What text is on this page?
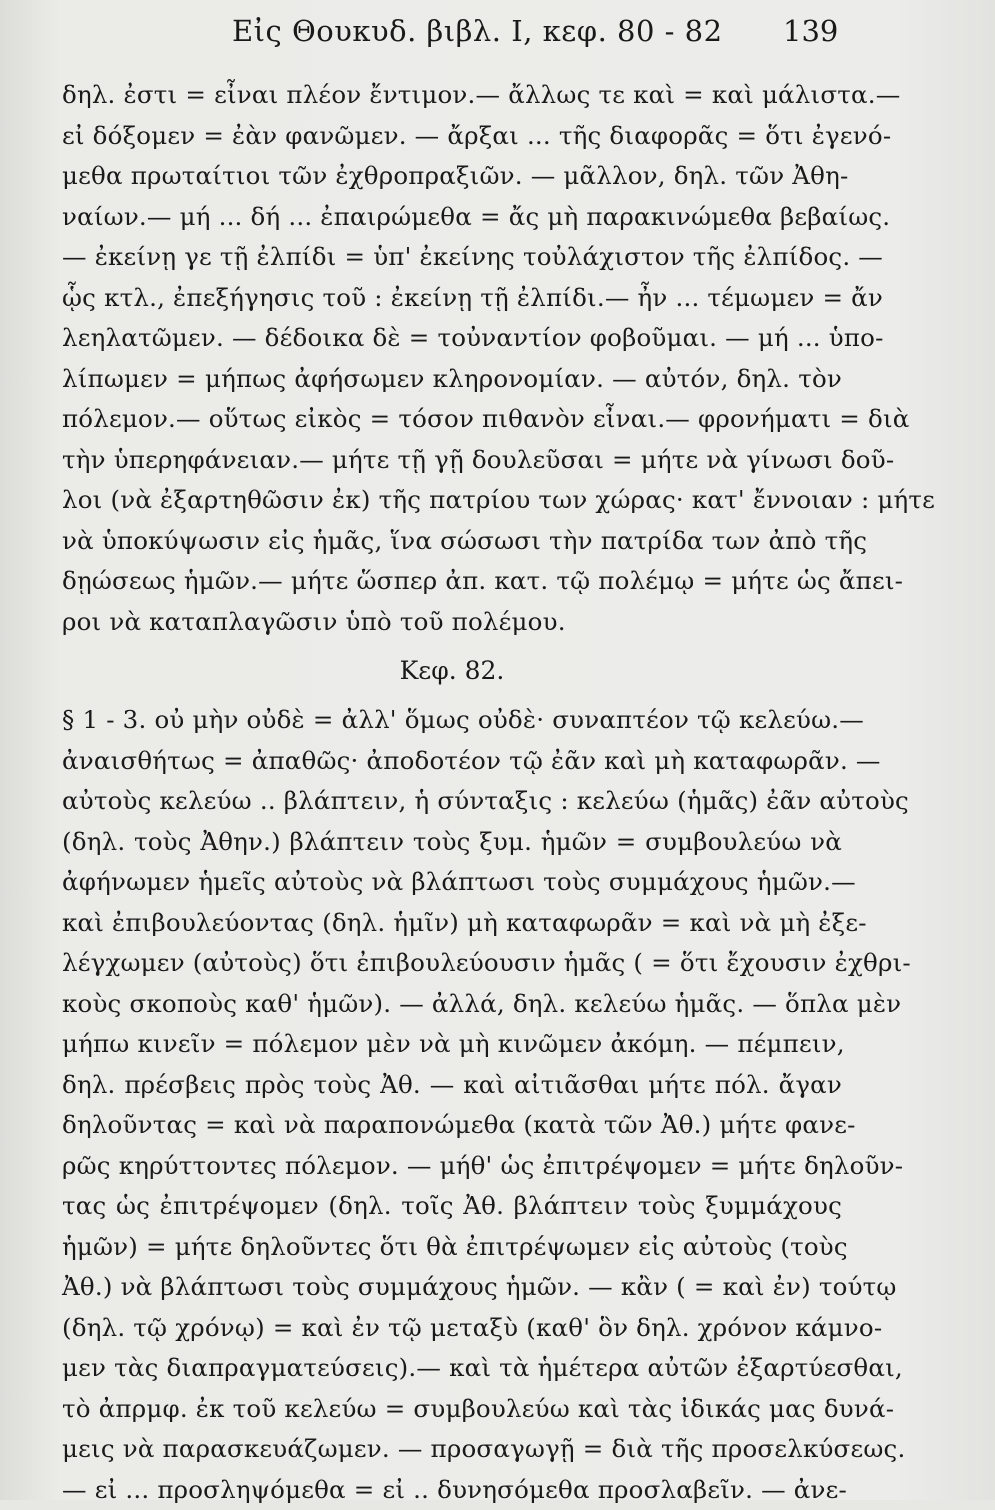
Εἰς Θουκυδ. βιβλ. Ι, κεφ. 80 - 82 139
δηλ. ἐστι = εἶναι πλέον ἔντιμον.— ἄλλως τε καὶ = καὶ μάλιστα.—
εἰ δόξομεν = ἐὰν φανῶμεν. — ἄρξαι ... τῆς διαφορᾶς = ὅτι ἐγενό-
μεθα πρωταίτιοι τῶν ἐχθροπραξιῶν. — μᾶλλον, δηλ. τῶν Ἀθη-
ναίων.— μή ... δή ... ἐπαιρώμεθα = ἄς μὴ παρακινώμεθα βεβαίως.
— ἐκείνῃ γε τῇ ἐλπίδι = ὑπ' ἐκείνης τοὐλάχιστον τῆς ἐλπίδος. —
ᾧς κτλ., ἐπεξήγησις τοῦ : ἐκείνῃ τῇ ἐλπίδι.— ἦν ... τέμωμεν = ἄν
λεηλατῶμεν. — δέδοικα δὲ = τοὐναντίον φοβοῦμαι. — μή ... ὑπο-
λίπωμεν = μήπως ἀφήσωμεν κληρονομίαν. — αὐτόν, δηλ. τὸν
πόλεμον.— οὕτως εἰκὸς = τόσον πιθανὸν εἶναι.— φρονήματι = διὰ
τὴν ὑπερηφάνειαν.— μήτε τῇ γῇ δουλεῦσαι = μήτε νὰ γίνωσι δοῦ-
λοι (νὰ ἐξαρτηθῶσιν ἐκ) τῆς πατρίου των χώρας· κατ' ἔννοιαν : μήτε
νὰ ὑποκύψωσιν εἰς ἡμᾶς, ἵνα σώσωσι τὴν πατρίδα των ἀπὸ τῆς
δῃώσεως ἡμῶν.— μήτε ὥσπερ ἀπ. κατ. τῷ πολέμῳ = μήτε ὡς ἄπει-
ροι νὰ καταπλαγῶσιν ὑπὸ τοῦ πολέμου.
Κεφ. 82.
§ 1 - 3. οὐ μὴν οὐδὲ = ἀλλ' ὅμως οὐδὲ· συναπτέον τῷ κελεύω.—
ἀναισθήτως = ἀπαθῶς· ἀποδοτέον τῷ ἐᾶν καὶ μὴ καταφωρᾶν. —
αὐτοὺς κελεύω .. βλάπτειν, ἡ σύνταξις : κελεύω (ἡμᾶς) ἐᾶν αὐτοὺς
(δηλ. τοὺς Ἀθην.) βλάπτειν τοὺς ξυμ. ἡμῶν = συμβουλεύω νὰ
ἀφήνωμεν ἡμεῖς αὐτοὺς νὰ βλάπτωσι τοὺς συμμάχους ἡμῶν.—
καὶ ἐπιβουλεύοντας (δηλ. ἡμῖν) μὴ καταφωρᾶν = καὶ νὰ μὴ ἐξε-
λέγχωμεν (αὐτοὺς) ὅτι ἐπιβουλεύουσιν ἡμᾶς ( = ὅτι ἔχουσιν ἐχθρι-
κοὺς σκοποὺς καθ' ἡμῶν). — ἀλλά, δηλ. κελεύω ἡμᾶς. — ὅπλα μὲν
μήπω κινεῖν = πόλεμον μὲν νὰ μὴ κινῶμεν ἀκόμη. — πέμπειν,
δηλ. πρέσβεις πρὸς τοὺς Ἀθ. — καὶ αἰτιᾶσθαι μήτε πόλ. ἄγαν
δηλοῦντας = καὶ νὰ παραπονώμεθα (κατὰ τῶν Ἀθ.) μήτε φανε-
ρῶς κηρύττοντες πόλεμον. — μήθ' ὡς ἐπιτρέψομεν = μήτε δηλοῦν-
τας ὡς ἐπιτρέψομεν (δηλ. τοῖς Ἀθ. βλάπτειν τοὺς ξυμμάχους
ἡμῶν) = μήτε δηλοῦντες ὅτι θὰ ἐπιτρέψωμεν εἰς αὐτοὺς (τοὺς
Ἀθ.) νὰ βλάπτωσι τοὺς συμμάχους ἡμῶν. — κἂν ( = καὶ ἐν) τούτῳ
(δηλ. τῷ χρόνῳ) = καὶ ἐν τῷ μεταξὺ (καθ' ὃν δηλ. χρόνον κάμνο-
μεν τὰς διαπραγματεύσεις).— καὶ τὰ ἡμέτερα αὐτῶν ἐξαρτύεσθαι,
τὸ ἀπρμφ. ἐκ τοῦ κελεύω = συμβουλεύω καὶ τὰς ἰδικάς μας δυνά-
μεις νὰ παρασκευάζωμεν. — προσαγωγῇ = διὰ τῆς προσελκύσεως.
— εἰ ... προσληψόμεθα = εἰ .. δυνησόμεθα προσλαβεῖν. — ἀνε-
